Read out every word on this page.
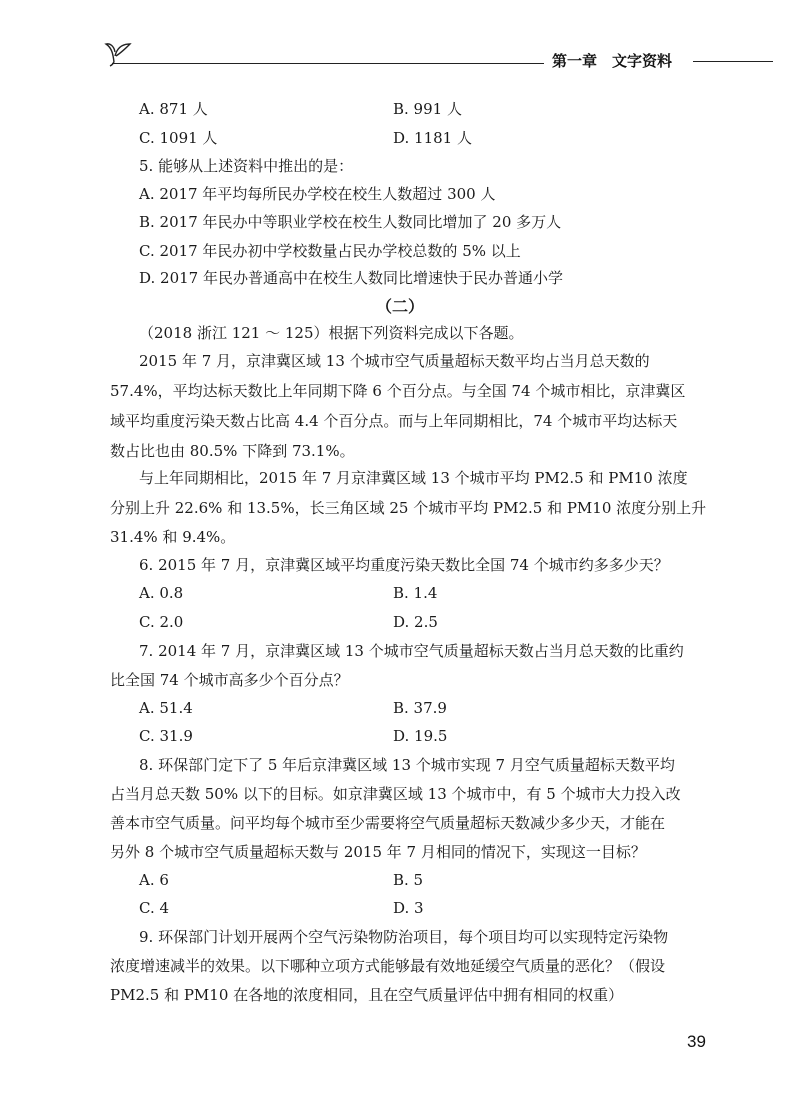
第一章　文字资料
A. 871 人	B. 991 人
C. 1091 人	D. 1181 人
5. 能够从上述资料中推出的是：
A. 2017 年平均每所民办学校在校生人数超过 300 人
B. 2017 年民办中等职业学校在校生人数同比增加了 20 多万人
C. 2017 年民办初中学校数量占民办学校总数的 5% 以上
D. 2017 年民办普通高中在校生人数同比增速快于民办普通小学
（二）
（2018 浙江 121 ～ 125）根据下列资料完成以下各题。
2015 年 7 月，京津冀区域 13 个城市空气质量超标天数平均占当月总天数的
57.4%，平均达标天数比上年同期下降 6 个百分点。与全国 74 个城市相比，京津冀区
域平均重度污染天数占比高 4.4 个百分点。而与上年同期相比，74 个城市平均达标天
数占比也由 80.5% 下降到 73.1%。
与上年同期相比，2015 年 7 月京津冀区域 13 个城市平均 PM2.5 和 PM10 浓度
分别上升 22.6% 和 13.5%，长三角区域 25 个城市平均 PM2.5 和 PM10 浓度分别上升
31.4% 和 9.4%。
6. 2015 年 7 月，京津冀区域平均重度污染天数比全国 74 个城市约多多少天？
A. 0.8	B. 1.4
C. 2.0	D. 2.5
7. 2014 年 7 月，京津冀区域 13 个城市空气质量超标天数占当月总天数的比重约
比全国 74 个城市高多少个百分点？
A. 51.4	B. 37.9
C. 31.9	D. 19.5
8. 环保部门定下了 5 年后京津冀区域 13 个城市实现 7 月空气质量超标天数平均
占当月总天数 50% 以下的目标。如京津冀区域 13 个城市中，有 5 个城市大力投入改
善本市空气质量。问平均每个城市至少需要将空气质量超标天数减少多少天，才能在
另外 8 个城市空气质量超标天数与 2015 年 7 月相同的情况下，实现这一目标？
A. 6	B. 5
C. 4	D. 3
9. 环保部门计划开展两个空气污染物防治项目，每个项目均可以实现特定污染物
浓度增速减半的效果。以下哪种立项方式能够最有效地延缓空气质量的恶化？（假设
PM2.5 和 PM10 在各地的浓度相同，且在空气质量评估中拥有相同的权重）
39
